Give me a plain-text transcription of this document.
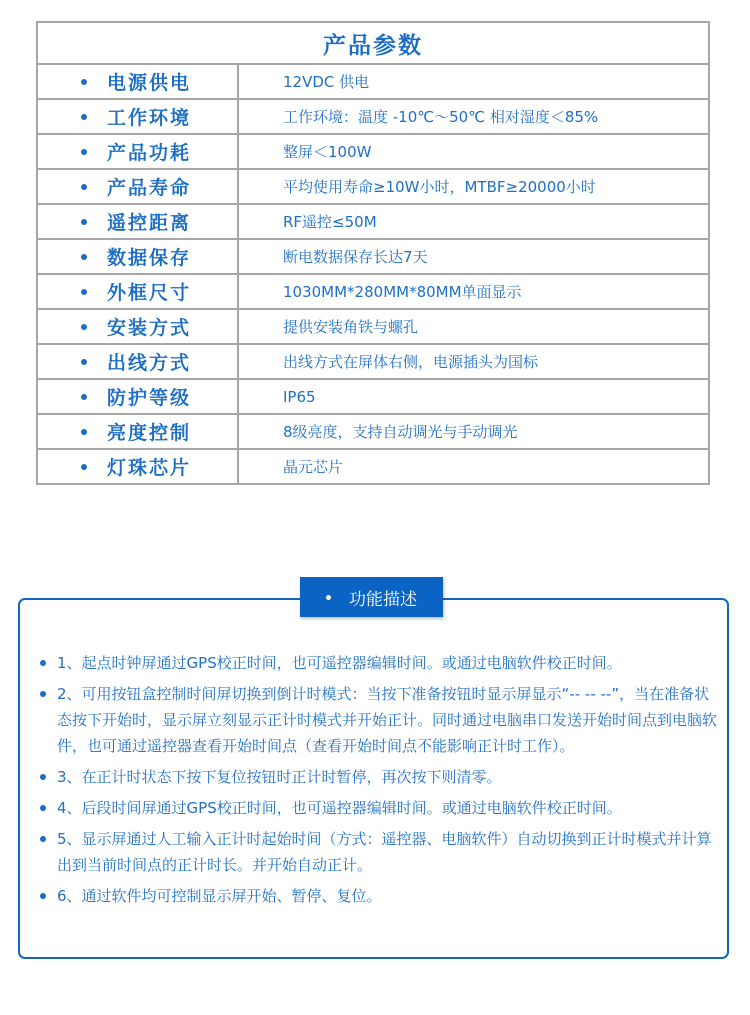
产品参数	
电源供电	12VDC 供电
工作环境	工作环境：温度 -10℃～50℃ 相对湿度＜85%
产品功耗	整屏＜100W
产品寿命	平均使用寿命≥10W小时，MTBF≥20000小时
遥控距离	RF遥控≤50M
数据保存	断电数据保存长达7天
外框尺寸	1030MM*280MM*80MM单面显示
安装方式	提供安装角铁与螺孔
出线方式	出线方式在屏体右侧，电源插头为国标
防护等级	IP65
亮度控制	8级亮度，支持自动调光与手动调光
灯珠芯片	晶元芯片
功能描述
1、起点时钟屏通过GPS校正时间，也可遥控器编辑时间。或通过电脑软件校正时间。
2、可用按钮盒控制时间屏切换到倒计时模式：当按下准备按钮时显示屏显示“-- -- --”，当在准备状态按下开始时，显示屏立刻显示正计时模式并开始正计。同时通过电脑串口发送开始时间点到电脑软件，也可通过遥控器查看开始时间点（查看开始时间点不能影响正计时工作）。
3、在正计时状态下按下复位按钮时正计时暂停，再次按下则清零。
4、后段时间屏通过GPS校正时间，也可遥控器编辑时间。或通过电脑软件校正时间。
5、显示屏通过人工输入正计时起始时间（方式：遥控器、电脑软件）自动切换到正计时模式并计算出到当前时间点的正计时长。并开始自动正计。
6、通过软件均可控制显示屏开始、暂停、复位。
